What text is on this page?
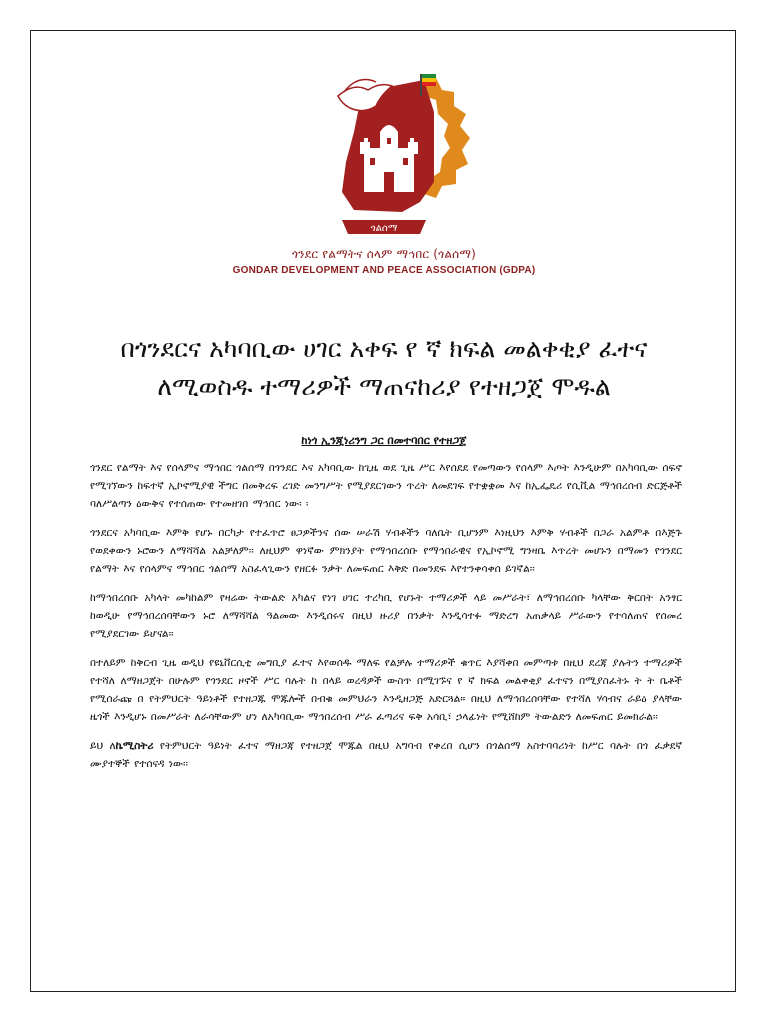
ጎልሰማ
ጎንደር የልማትና ሰላም ማኅበር (ጎልሰማ)
GONDAR DEVELOPMENT AND PEACE ASSOCIATION (GDPA)
በጎንደርና አካባቢው ሀገር አቀፍ የ ኛ ክፍል መልቀቂያ ፈተና
ለሚወስዱ ተማሪዎች ማጠናከሪያ የተዘጋጀ ሞዱል
ከነጎ ኢንጂነሪንግ ጋር በመተባበር የተዘጋጀ

ጎንደር የልማት እና የሰላምና ማኅበር ጎልሰማ በጎንደር እና አካባቢው ከጊዜ ወደ ጊዜ ሥር እየሰደደ የመጣውን የሰላም እጦት እንዲሁም በአካባቢው ሰፍኖ የሚገኘውን ከፍተኛ ኢኮኖሚያዊ ችግር በመቅረፍ ረገድ መንግሥት የሚያደርገውን ጥረት ለመደገፍ የተቋቋመ እና ከኢፌዴሪ የሲቪል ማኅበረሰብ ድርጅቶች ባለሥልጣን ዕውቅና የተሰጠው የተመዘገበ ማኅበር ነው፡ ፡

ጎንደርና አካባቢው እምቅ የሆኑ በርካታ የተፈጥሮ ፀጋዎችንና ሰው ሠራሽ ሃብቶችን ባለቤት ቢሆንም እነዚህን እምቅ ሃብቶች በጋራ አልምቶ በእጅጉ የወደቀውን ኑሮውን ለማሻሻል አልቻለም፡፡ ለዚህም ዋነኛው ምክንያት የማኅበረሰቡ የማኅበራዊና የኢኮኖሚ ግንዛቤ እጥረት መሆኑን በማመን የጎንደር የልማት እና የሰላምና ማኅበር ጎልሰማ አስፈላጊውን የዘርፉ ንቃት ለመፍጠር እቅድ በመንደፍ እየተንቀሳቀሰ ይገኛል፡፡

ከማኅበረሰቡ አካላት መካከልም የዛሬው ትውልድ አካልና የነገ ሀገር ተረካቢ የሆኑት ተማሪዎች ላይ መሥራት፣ ለማኅበረሰቡ ካላቸው ቅርበት አንፃር ከወዲሁ የማኅበረሰባቸውን ኑሮ ለማሻሻል ዓልመው እንዲሰሩና በዚህ ዙሪያ በንቃት እንዲሳተፉ ማድረግ አጠቃላይ ሥራውን የተሳለጠና የሰመረ የሚያደርገው ይሆናል፡፡

በተለይም ከቅርብ ጊዜ ወዲህ የዩኒቨርሲቲ መግቢያ ፈተና እየወሰዱ ማለፍ የልቻሉ ተማሪዎች ቁጥር እያሻቀበ መምጣቱ በዚህ ደረጃ ያሉትን ተማሪዎች የተሻለ ለማዘጋጀት በሁሉም የጎንደር ዞኖች ሥር ባሉት ከ በላይ ወረዳዎች ውስጥ በሚገኙና የ ኛ ክፍል መልቀቂያ ፈተናን በሚያስፈትኑ ት ት ቤቶች የሚሰራጩ በ የትምህርት ዓይነቶች የተዘጋጁ ሞጁሎች በብቁ መምህራን እንዲዘጋጅ አድርጓል። በዚህ ለማኅበረሰባቸው የተሻለ ሃሳብና ራይዕ ያላቸው ዜጎች እንዲሆኑ በመሥራት ለራሳቸውም ሆነ ለአካባቢው ማኅበረሰብ ሥራ ፈጣሪና ፍቅ አሳቢ፣ ኃላፊነት የሚሸከም ትውልድን ለመፍጠር ይመክራል፡፡

ይህ ለኬሚስትሪ የትምህርት ዓይነት ፈተና ማዘጋጃ የተዘጋጀ ሞጁል በዚህ አግባብ የቀረበ ሲሆን በጎልሰማ አስተባባሪነት ከሥር ባሉት በጎ ፈቃደኛ ሙያተኞች የተሰናዳ ነው፡፡
